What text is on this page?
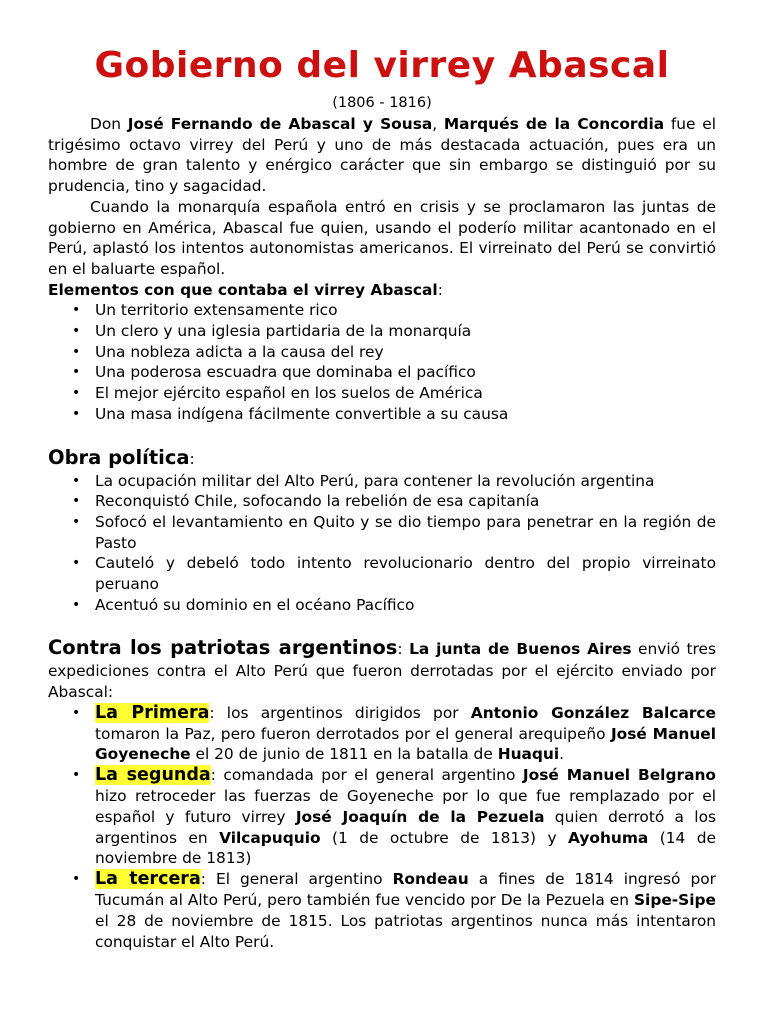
Gobierno del virrey Abascal
(1806 - 1816)

Don José Fernando de Abascal y Sousa, Marqués de la Concordia fue el trigésimo octavo virrey del Perú y uno de más destacada actuación, pues era un hombre de gran talento y enérgico carácter que sin embargo se distinguió por su prudencia, tino y sagacidad.

Cuando la monarquía española entró en crisis y se proclamaron las juntas de gobierno en América, Abascal fue quien, usando el poderío militar acantonado en el Perú, aplastó los intentos autonomistas americanos. El virreinato del Perú se convirtió en el baluarte español.

Elementos con que contaba el virrey Abascal:
• Un territorio extensamente rico
• Un clero y una iglesia partidaria de la monarquía
• Una nobleza adicta a la causa del rey
• Una poderosa escuadra que dominaba el pacífico
• El mejor ejército español en los suelos de América
• Una masa indígena fácilmente convertible a su causa
Obra política:
• La ocupación militar del Alto Perú, para contener la revolución argentina
• Reconquistó Chile, sofocando la rebelión de esa capitanía
• Sofocó el levantamiento en Quito y se dio tiempo para penetrar en la región de Pasto
• Cauteló y debeló todo intento revolucionario dentro del propio virreinato peruano
• Acentuó su dominio en el océano Pacífico

Contra los patriotas argentinos: La junta de Buenos Aires envió tres expediciones contra el Alto Perú que fueron derrotadas por el ejército enviado por Abascal:

• La Primera: los argentinos dirigidos por Antonio González Balcarce tomaron la Paz, pero fueron derrotados por el general arequipeño José Manuel Goyeneche el 20 de junio de 1811 en la batalla de Huaqui.
• La segunda: comandada por el general argentino José Manuel Belgrano hizo retroceder las fuerzas de Goyeneche por lo que fue remplazado por el español y futuro virrey José Joaquín de la Pezuela quien derrotó a los argentinos en Vilcapuquio (1 de octubre de 1813) y Ayohuma (14 de noviembre de 1813)
• La tercera: El general argentino Rondeau a fines de 1814 ingresó por Tucumán al Alto Perú, pero también fue vencido por De la Pezuela en Sipe-Sipe el 28 de noviembre de 1815. Los patriotas argentinos nunca más intentaron conquistar el Alto Perú.
